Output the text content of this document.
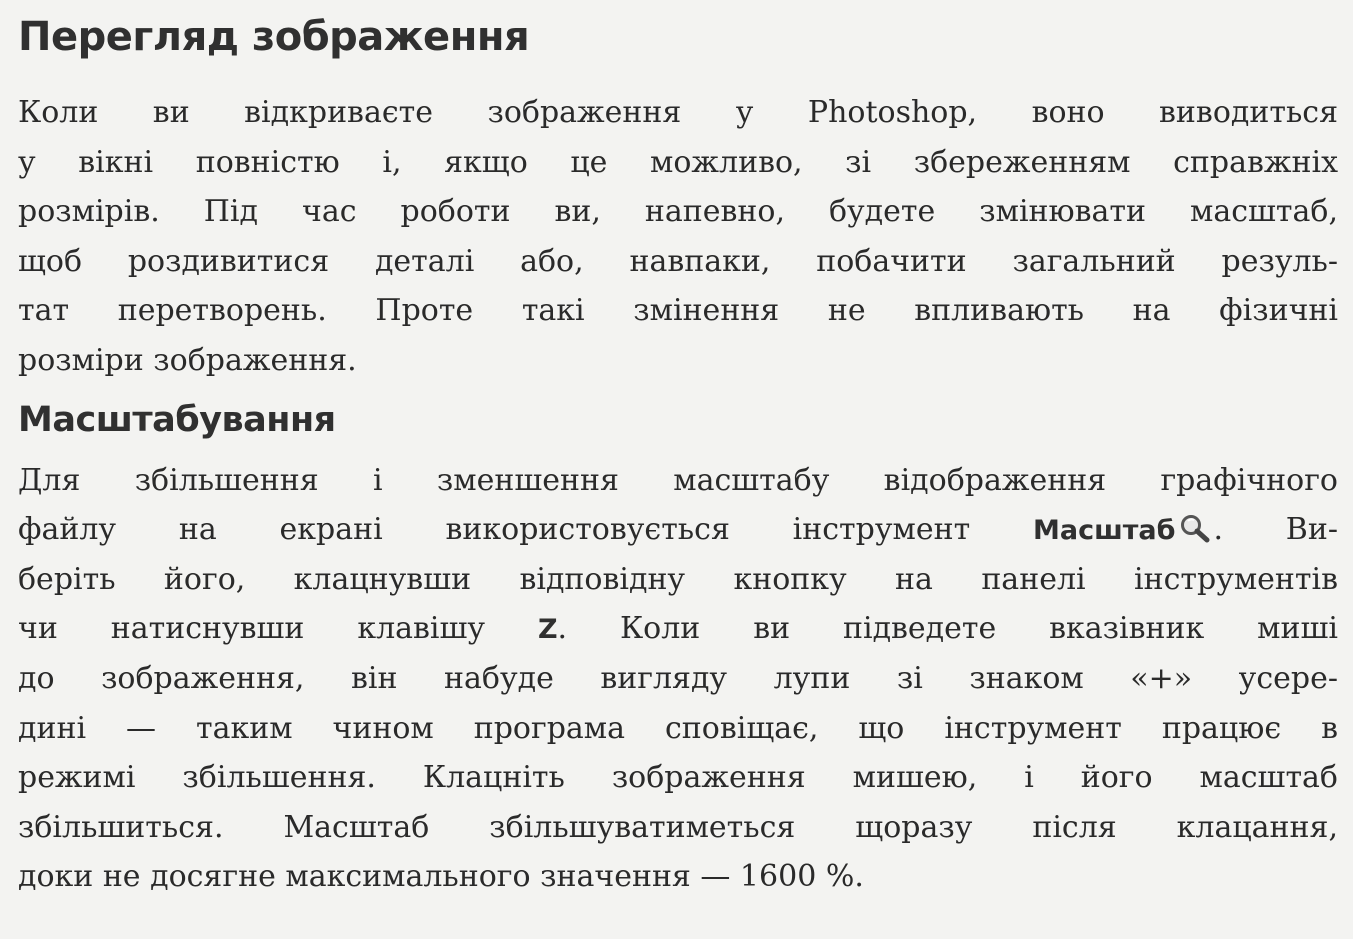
Перегляд зображення
Коли ви відкриваєте зображення у Photoshop, воно виводиться
у вікні повністю і, якщо це можливо, зі збереженням справжніх
розмірів. Під час роботи ви, напевно, будете змінювати масштаб,
щоб роздивитися деталі або, навпаки, побачити загальний резуль-
тат перетворень. Проте такі змінення не впливають на фізичні
розміри зображення.
Масштабування
Для збільшення і зменшення масштабу відображення графічного
файлу на екрані використовується інструмент Масштаб . Ви-
беріть його, клацнувши відповідну кнопку на панелі інструментів
чи натиснувши клавішу Z. Коли ви підведете вказівник миші
до зображення, він набуде вигляду лупи зі знаком «+» усере-
дині — таким чином програма сповіщає, що інструмент працює в
режимі збільшення. Клацніть зображення мишею, і його масштаб
збільшиться. Масштаб збільшуватиметься щоразу після клацання,
доки не досягне максимального значення — 1600 %.
